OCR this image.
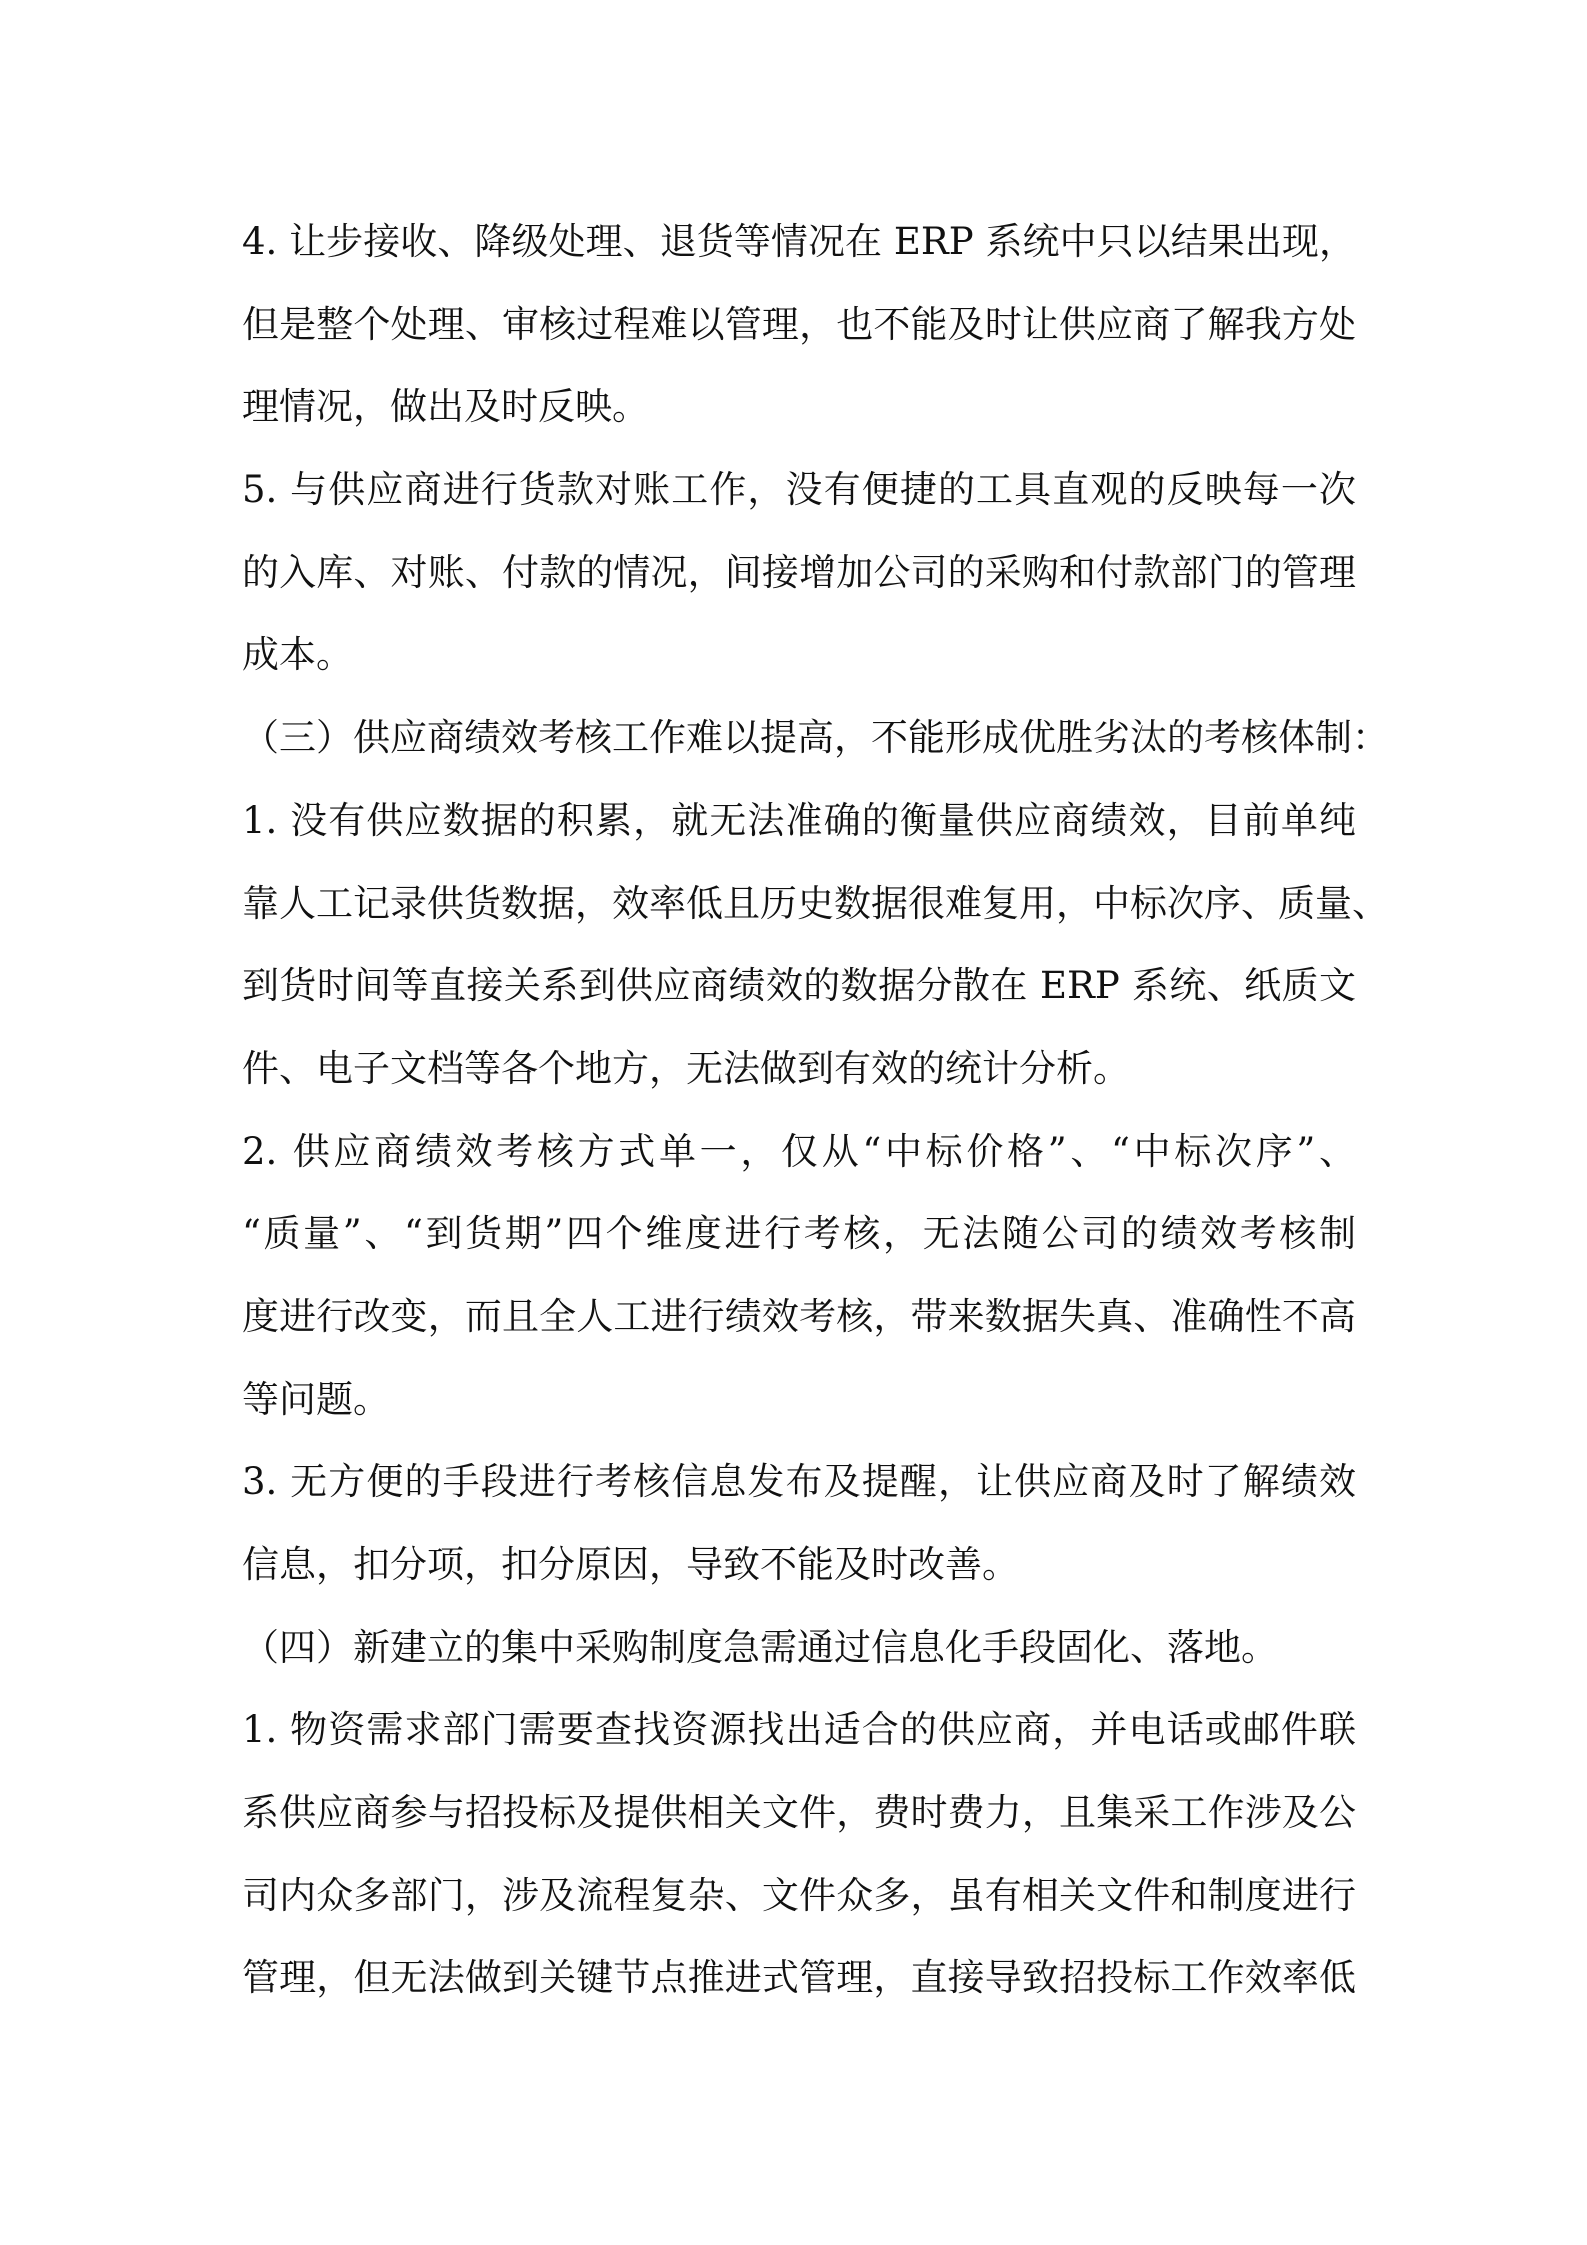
4. 让步接收、降级处理、退货等情况在 ERP 系统中只以结果出现，
但是整个处理、审核过程难以管理，也不能及时让供应商了解我方处
理情况，做出及时反映。
5. 与供应商进行货款对账工作，没有便捷的工具直观的反映每一次
的入库、对账、付款的情况，间接增加公司的采购和付款部门的管理
成本。
（三）供应商绩效考核工作难以提高，不能形成优胜劣汰的考核体制：
1. 没有供应数据的积累，就无法准确的衡量供应商绩效，目前单纯
靠人工记录供货数据，效率低且历史数据很难复用，中标次序、质量、
到货时间等直接关系到供应商绩效的数据分散在 ERP 系统、纸质文
件、电子文档等各个地方，无法做到有效的统计分析。
2. 供应商绩效考核方式单一，仅从“中标价格”、“中标次序”、
“质量”、“到货期”四个维度进行考核，无法随公司的绩效考核制
度进行改变，而且全人工进行绩效考核，带来数据失真、准确性不高
等问题。
3. 无方便的手段进行考核信息发布及提醒，让供应商及时了解绩效
信息，扣分项，扣分原因，导致不能及时改善。
（四）新建立的集中采购制度急需通过信息化手段固化、落地。
1. 物资需求部门需要查找资源找出适合的供应商，并电话或邮件联
系供应商参与招投标及提供相关文件，费时费力，且集采工作涉及公
司内众多部门，涉及流程复杂、文件众多，虽有相关文件和制度进行
管理，但无法做到关键节点推进式管理，直接导致招投标工作效率低
